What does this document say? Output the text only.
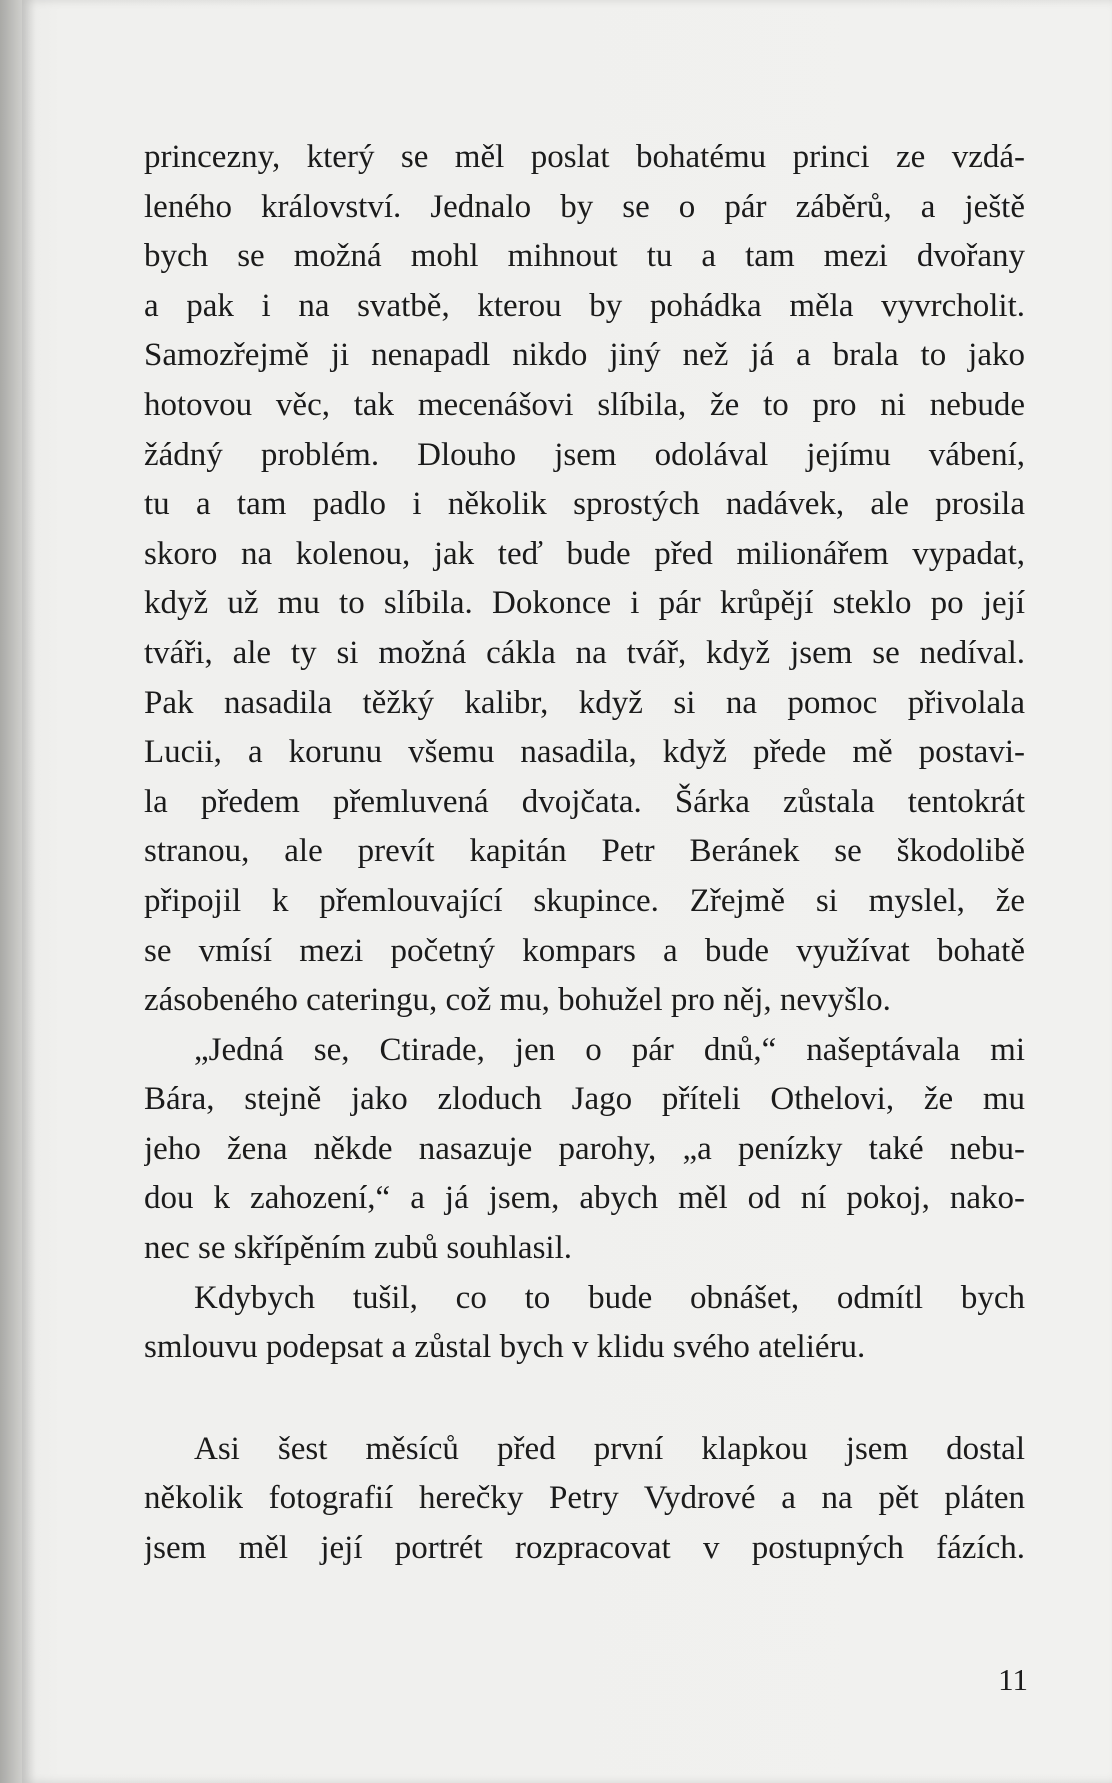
princezny, který se měl poslat bohatému princi ze vzdá-
leného království. Jednalo by se o pár záběrů, a ještě
bych se možná mohl mihnout tu a tam mezi dvořany
a pak i na svatbě, kterou by pohádka měla vyvrcholit.
Samozřejmě ji nenapadl nikdo jiný než já a brala to jako
hotovou věc, tak mecenášovi slíbila, že to pro ni nebude
žádný problém. Dlouho jsem odolával jejímu vábení,
tu a tam padlo i několik sprostých nadávek, ale prosila
skoro na kolenou, jak teď bude před milionářem vypadat,
když už mu to slíbila. Dokonce i pár krůpějí steklo po její
tváři, ale ty si možná cákla na tvář, když jsem se nedíval.
Pak nasadila těžký kalibr, když si na pomoc přivolala
Lucii, a korunu všemu nasadila, když přede mě postavi-
la předem přemluvená dvojčata. Šárka zůstala tentokrát
stranou, ale prevít kapitán Petr Beránek se škodolibě
připojil k přemlouvající skupince. Zřejmě si myslel, že
se vmísí mezi početný kompars a bude využívat bohatě
zásobeného cateringu, což mu, bohužel pro něj, nevyšlo.
„Jedná se, Ctirade, jen o pár dnů,“ našeptávala mi
Bára, stejně jako zloduch Jago příteli Othelovi, že mu
jeho žena někde nasazuje parohy, „a penízky také nebu-
dou k zahození,“ a já jsem, abych měl od ní pokoj, nako-
nec se skřípěním zubů souhlasil.
Kdybych tušil, co to bude obnášet, odmítl bych
smlouvu podepsat a zůstal bych v klidu svého ateliéru.
Asi šest měsíců před první klapkou jsem dostal
několik fotografií herečky Petry Vydrové a na pět pláten
jsem měl její portrét rozpracovat v postupných fázích.
11
